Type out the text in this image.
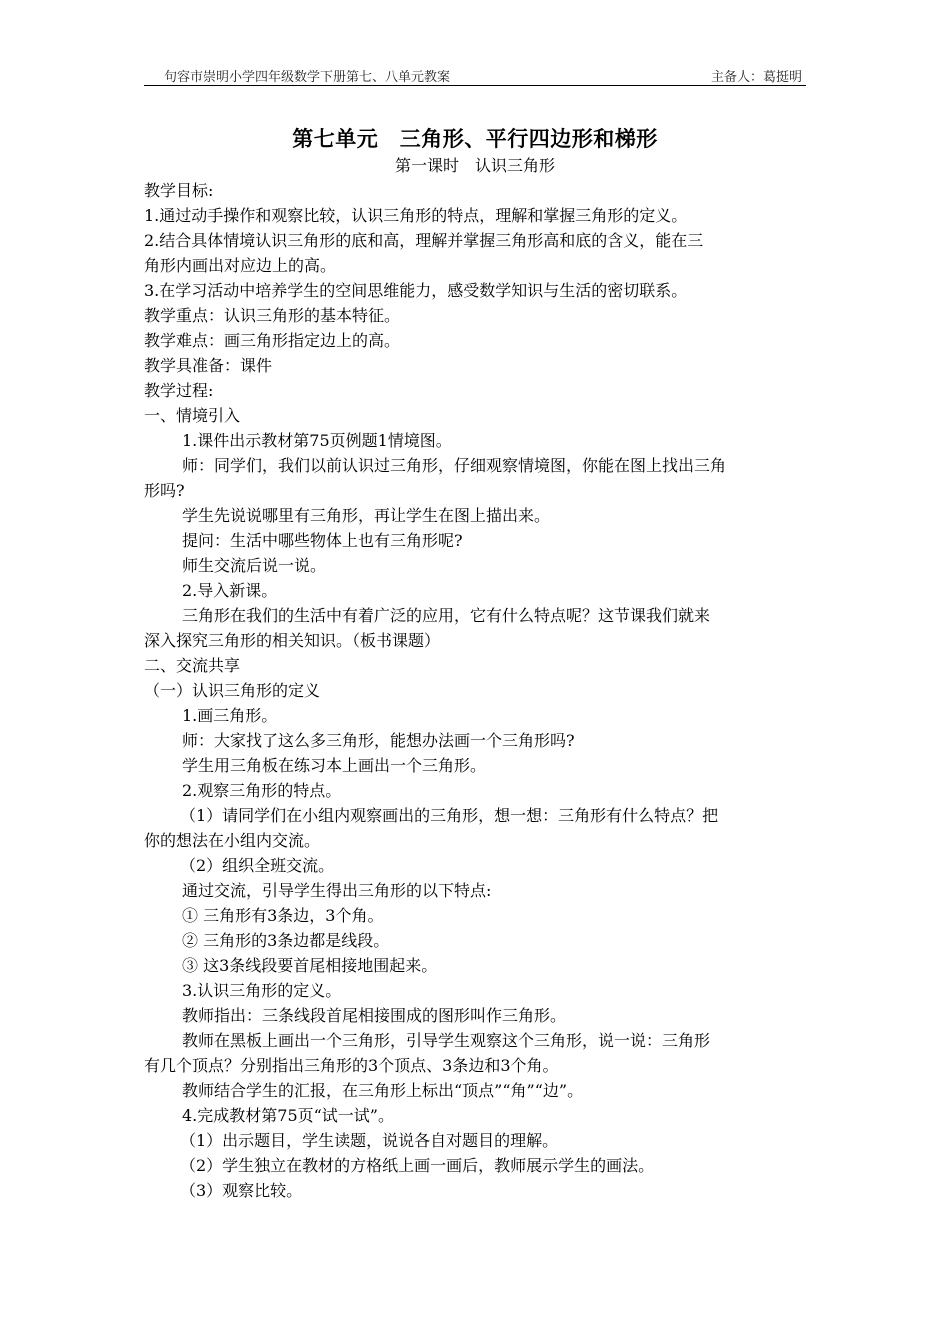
句容市崇明小学四年级数学下册第七、八单元教案	主备人：葛挺明
第七单元　三角形、平行四边形和梯形
第一课时　认识三角形
教学目标:
1.通过动手操作和观察比较，认识三角形的特点，理解和掌握三角形的定义。
2.结合具体情境认识三角形的底和高，理解并掌握三角形高和底的含义，能在三
角形内画出对应边上的高。
3.在学习活动中培养学生的空间思维能力，感受数学知识与生活的密切联系。
教学重点：认识三角形的基本特征。
教学难点：画三角形指定边上的高。
教学具准备：课件
教学过程:
一、情境引入
1.课件出示教材第75页例题1情境图。
师：同学们，我们以前认识过三角形，仔细观察情境图，你能在图上找出三角
形吗?
学生先说说哪里有三角形，再让学生在图上描出来。
提问：生活中哪些物体上也有三角形呢?
师生交流后说一说。
2.导入新课。
三角形在我们的生活中有着广泛的应用，它有什么特点呢？这节课我们就来
深入探究三角形的相关知识。（板书课题）
二、交流共享
（一）认识三角形的定义
1.画三角形。
师：大家找了这么多三角形，能想办法画一个三角形吗?
学生用三角板在练习本上画出一个三角形。
2.观察三角形的特点。
（1）请同学们在小组内观察画出的三角形，想一想：三角形有什么特点？把
你的想法在小组内交流。
（2）组织全班交流。
通过交流，引导学生得出三角形的以下特点:
① 三角形有3条边，3个角。
② 三角形的3条边都是线段。
③ 这3条线段要首尾相接地围起来。
3.认识三角形的定义。
教师指出：三条线段首尾相接围成的图形叫作三角形。
教师在黑板上画出一个三角形，引导学生观察这个三角形，说一说：三角形
有几个顶点？分别指出三角形的3个顶点、3条边和3个角。
教师结合学生的汇报，在三角形上标出“顶点”“角”“边”。
4.完成教材第75页“试一试”。
（1）出示题目，学生读题，说说各自对题目的理解。
（2）学生独立在教材的方格纸上画一画后，教师展示学生的画法。
（3）观察比较。
